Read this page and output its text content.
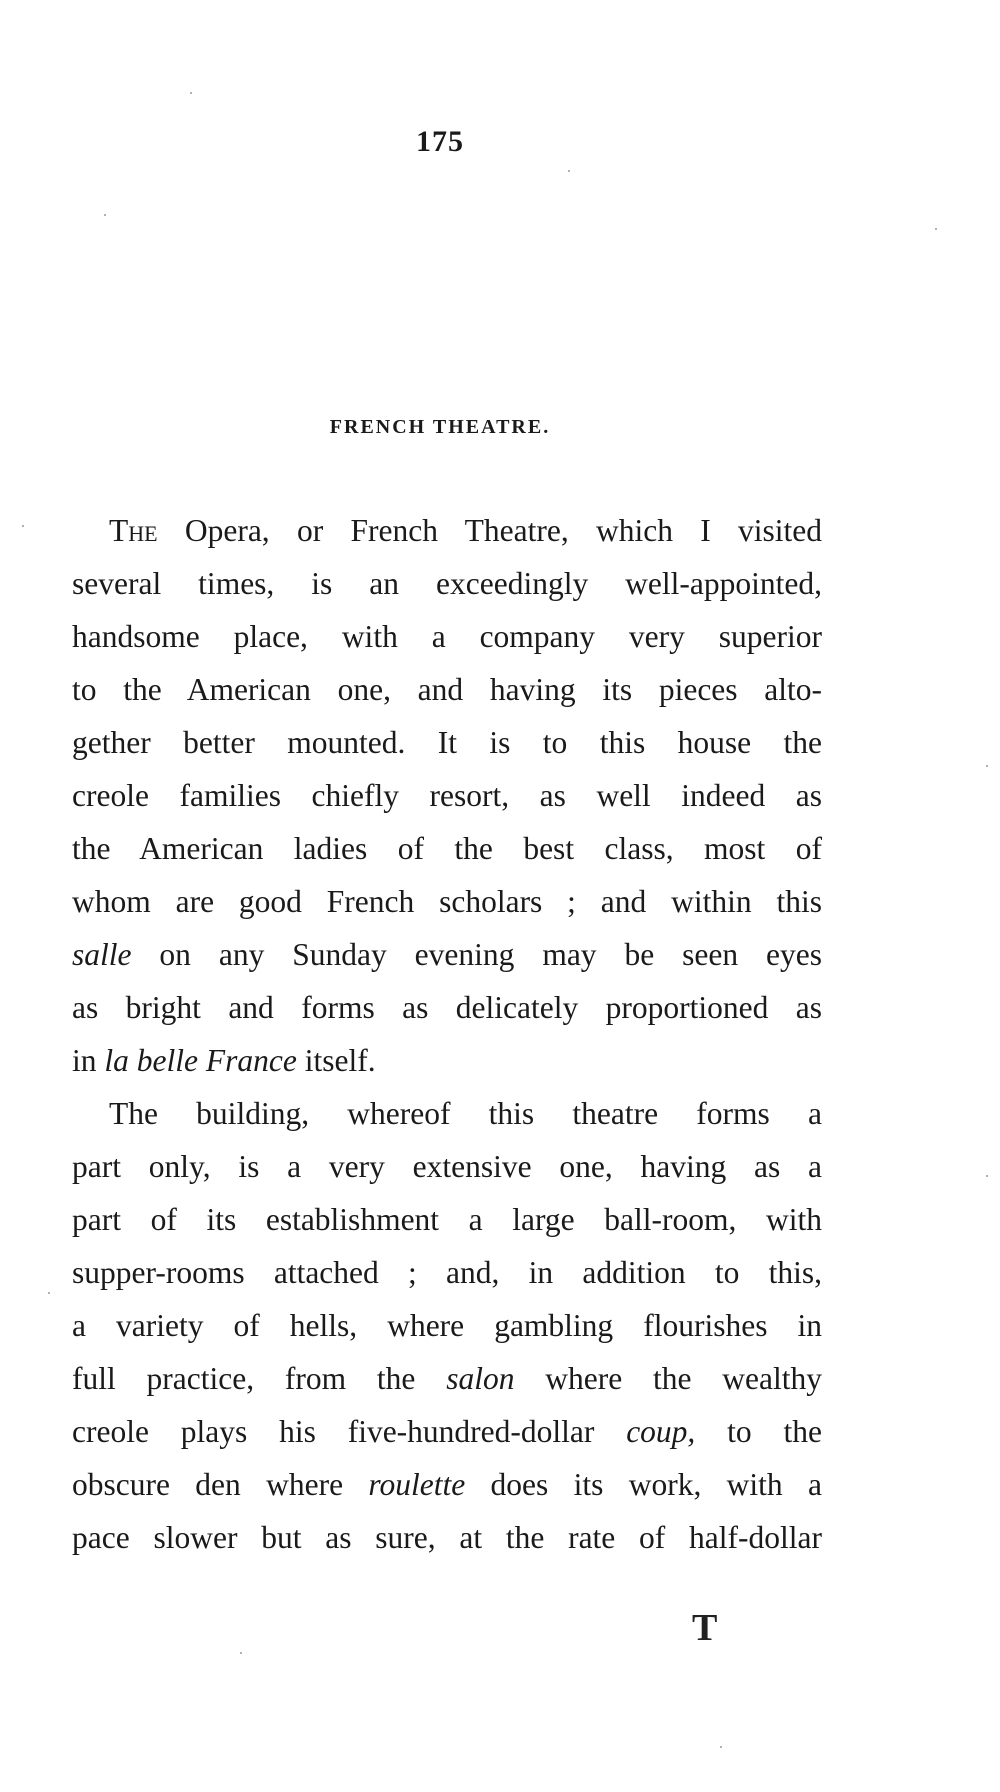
175
FRENCH THEATRE.
The Opera, or French Theatre, which I visited
several times, is an exceedingly well-appointed,
handsome place, with a company very superior
to the American one, and having its pieces alto-
gether better mounted. It is to this house the
creole families chiefly resort, as well indeed as
the American ladies of the best class, most of
whom are good French scholars ; and within this
salle on any Sunday evening may be seen eyes
as bright and forms as delicately proportioned as
in la belle France itself.
The building, whereof this theatre forms a
part only, is a very extensive one, having as a
part of its establishment a large ball-room, with
supper-rooms attached ; and, in addition to this,
a variety of hells, where gambling flourishes in
full practice, from the salon where the wealthy
creole plays his five-hundred-dollar coup, to the
obscure den where roulette does its work, with a
pace slower but as sure, at the rate of half-dollar
T
